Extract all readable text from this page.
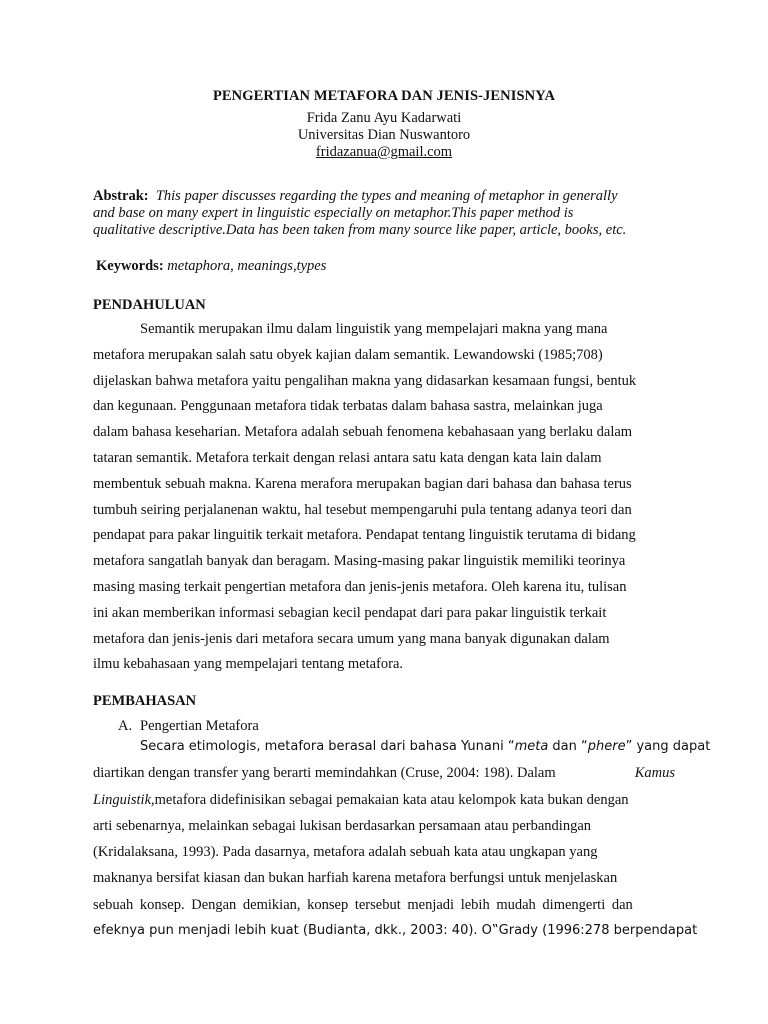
PENGERTIAN METAFORA DAN JENIS-JENISNYA
Frida Zanu Ayu Kadarwati
Universitas Dian Nuswantoro
fridazanua@gmail.com
Abstrak: This paper discusses regarding the types and meaning of metaphor in generally
and base on many expert in linguistic especially on metaphor.This paper method is
qualitative descriptive.Data has been taken from many source like paper, article, books, etc.
Keywords: metaphora, meanings,types
PENDAHULUAN
Semantik merupakan ilmu dalam linguistik yang mempelajari makna yang mana
metafora merupakan salah satu obyek kajian dalam semantik. Lewandowski (1985;708)
dijelaskan bahwa metafora yaitu pengalihan makna yang didasarkan kesamaan fungsi, bentuk
dan kegunaan. Penggunaan metafora tidak terbatas dalam bahasa sastra, melainkan juga
dalam bahasa keseharian. Metafora adalah sebuah fenomena kebahasaan yang berlaku dalam
tataran semantik. Metafora terkait dengan relasi antara satu kata dengan kata lain dalam
membentuk sebuah makna. Karena merafora merupakan bagian dari bahasa dan bahasa terus
tumbuh seiring perjalanenan waktu, hal tesebut mempengaruhi pula tentang adanya teori dan
pendapat para pakar linguitik terkait metafora. Pendapat tentang linguistik terutama di bidang
metafora sangatlah banyak dan beragam. Masing-masing pakar linguistik memiliki teorinya
masing masing terkait pengertian metafora dan jenis-jenis metafora. Oleh karena itu, tulisan
ini akan memberikan informasi sebagian kecil pendapat dari para pakar linguistik terkait
metafora dan jenis-jenis dari metafora secara umum yang mana banyak digunakan dalam
ilmu kebahasaan yang mempelajari tentang metafora.
PEMBAHASAN
A. Pengertian Metafora
Secara etimologis, metafora berasal dari bahasa Yunani “meta dan “phere” yang dapat
diartikan dengan transfer yang berarti memindahkan (Cruse, 2004: 198). Dalam	Kamus
Linguistik,metafora didefinisikan sebagai pemakaian kata atau kelompok kata bukan dengan
arti sebenarnya, melainkan sebagai lukisan berdasarkan persamaan atau perbandingan
(Kridalaksana, 1993). Pada dasarnya, metafora adalah sebuah kata atau ungkapan yang
maknanya bersifat kiasan dan bukan harfiah karena metafora berfungsi untuk menjelaskan
sebuah konsep. Dengan demikian, konsep tersebut menjadi lebih mudah dimengerti dan
efeknya pun menjadi lebih kuat (Budianta, dkk., 2003: 40). O‟Grady (1996:278 berpendapat
